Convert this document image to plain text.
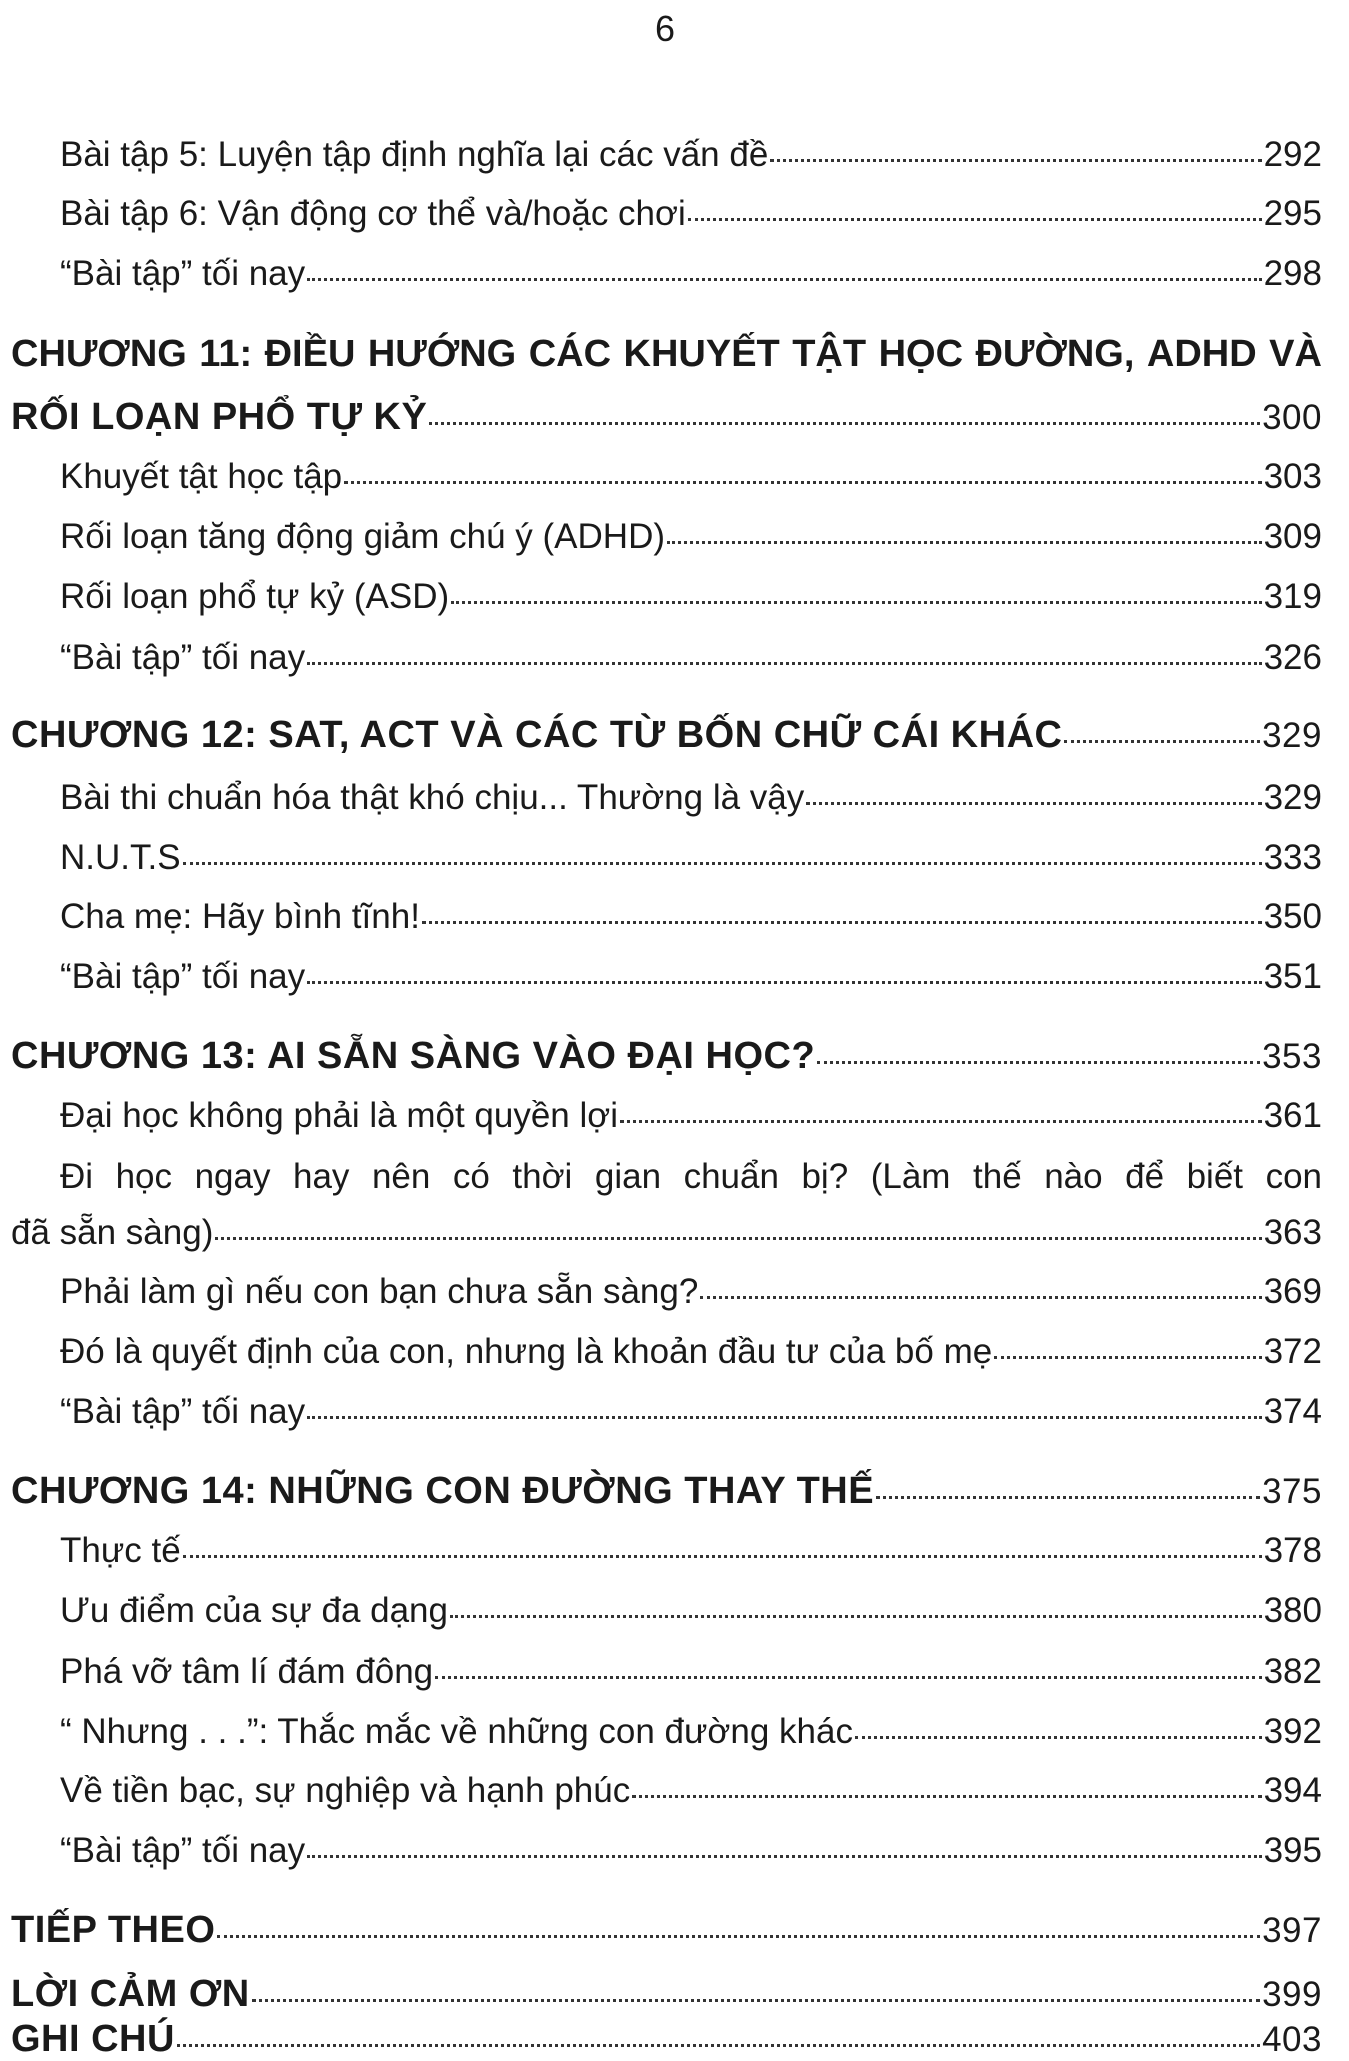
6
Bài tập 5: Luyện tập định nghĩa lại các vấn đề	292
Bài tập 6: Vận động cơ thể và/hoặc chơi	295
“Bài tập” tối nay	298
CHƯƠNG 11: ĐIỀU HƯỚNG CÁC KHUYẾT TẬT HỌC ĐƯỜNG, ADHD VÀ
RỐI LOẠN PHỔ TỰ KỶ	300
Khuyết tật học tập	303
Rối loạn tăng động giảm chú ý (ADHD)	309
Rối loạn phổ tự kỷ (ASD)	319
“Bài tập” tối nay	326
CHƯƠNG 12: SAT, ACT VÀ CÁC TỪ BỐN CHỮ CÁI KHÁC	329
Bài thi chuẩn hóa thật khó chịu... Thường là vậy	329
N.U.T.S	333
Cha mẹ: Hãy bình tĩnh!	350
“Bài tập” tối nay	351
CHƯƠNG 13: AI SẴN SÀNG VÀO ĐẠI HỌC?	353
Đại học không phải là một quyền lợi	361
Đi học ngay hay nên có thời gian chuẩn bị? (Làm thế nào để biết con
đã sẵn sàng)	363
Phải làm gì nếu con bạn chưa sẵn sàng?	369
Đó là quyết định của con, nhưng là khoản đầu tư của bố mẹ	372
“Bài tập” tối nay	374
CHƯƠNG 14: NHỮNG CON ĐƯỜNG THAY THẾ	375
Thực tế	378
Ưu điểm của sự đa dạng	380
Phá vỡ tâm lí đám đông	382
“ Nhưng . . .”: Thắc mắc về những con đường khác	392
Về tiền bạc, sự nghiệp và hạnh phúc	394
“Bài tập” tối nay	395
TIẾP THEO	397
LỜI CẢM ƠN	399
GHI CHÚ	403
